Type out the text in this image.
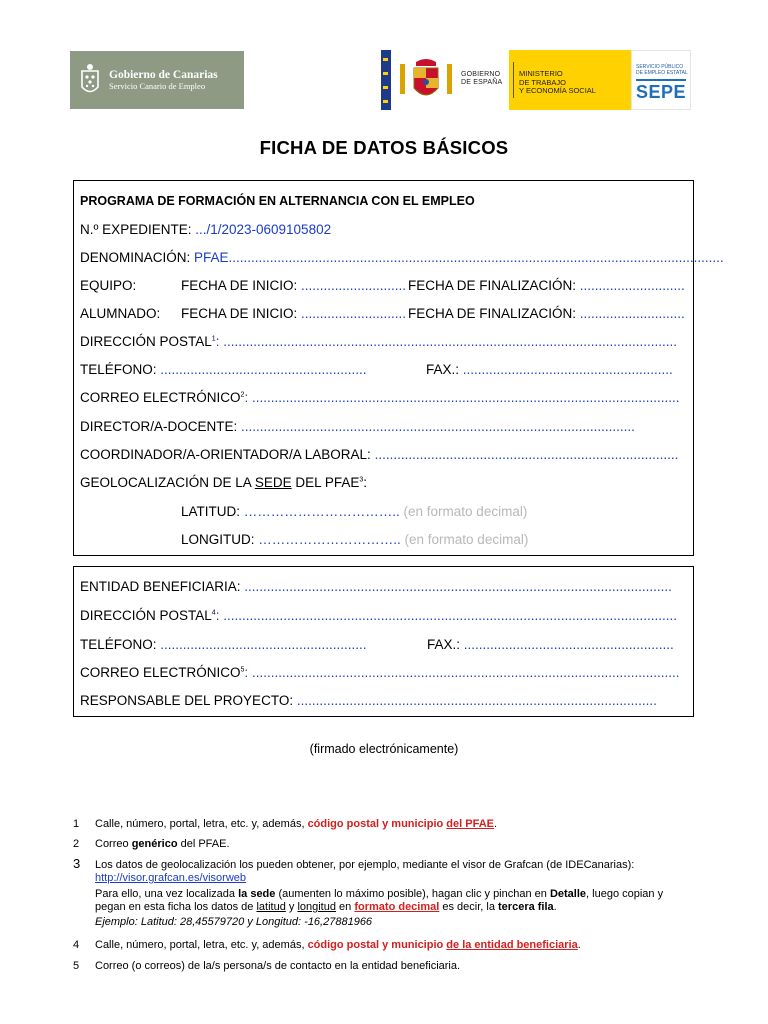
Gobierno de Canarias
Servicio Canario de Empleo
GOBIERNO
DE ESPAÑA
MINISTERIO
DE TRABAJO
Y ECONOMÍA SOCIAL
SERVICIO PÚBLICO DE EMPLEO ESTATAL
SEPE
FICHA DE DATOS BÁSICOS
PROGRAMA DE FORMACIÓN EN ALTERNANCIA CON EL EMPLEO
N.º EXPEDIENTE: .../1/2023-0609105802
DENOMINACIÓN: PFAE....................................................................................................................................
EQUIPO:	FECHA DE INICIO: ............................ FECHA DE FINALIZACIÓN: ............................
ALUMNADO: FECHA DE INICIO: ............................ FECHA DE FINALIZACIÓN: ............................
DIRECCIÓN POSTAL$^1$: .........................................................................................................................
TELÉFONO: .......................................................	FAX.: ........................................................
CORREO ELECTRÓNICO$^2$: ..................................................................................................................
DIRECTOR/A-DOCENTE: .........................................................................................................
COORDINADOR/A-ORIENTADOR/A LABORAL: .................................................................................
GEOLOCALIZACIÓN DE LA SEDE DEL PFAE$^3$:
LATITUD: …………………………….. (en formato decimal)
LONGITUD: ………………………….. (en formato decimal)
ENTIDAD BENEFICIARIA: ..................................................................................................................
DIRECCIÓN POSTAL$^4$: .........................................................................................................................
TELÉFONO: .......................................................	FAX.: ........................................................
CORREO ELECTRÓNICO$^5$: ..................................................................................................................
RESPONSABLE DEL PROYECTO: ................................................................................................
(firmado electrónicamente)
1 Calle, número, portal, letra, etc. y, además, código postal y municipio del PFAE.
2 Correo genérico del PFAE.
3 Los datos de geolocalización los pueden obtener, por ejemplo, mediante el visor de Grafcan (de IDECanarias):
http://visor.grafcan.es/visorweb
Para ello, una vez localizada la sede (aumenten lo máximo posible), hagan clic y pinchan en Detalle, luego copian y pegan en esta ficha los datos de latitud y longitud en formato decimal es decir, la tercera fila.
Ejemplo: Latitud: 28,45579720 y Longitud: -16,27881966
4 Calle, número, portal, letra, etc. y, además, código postal y municipio de la entidad beneficiaria.
5 Correo (o correos) de la/s persona/s de contacto en la entidad beneficiaria.
